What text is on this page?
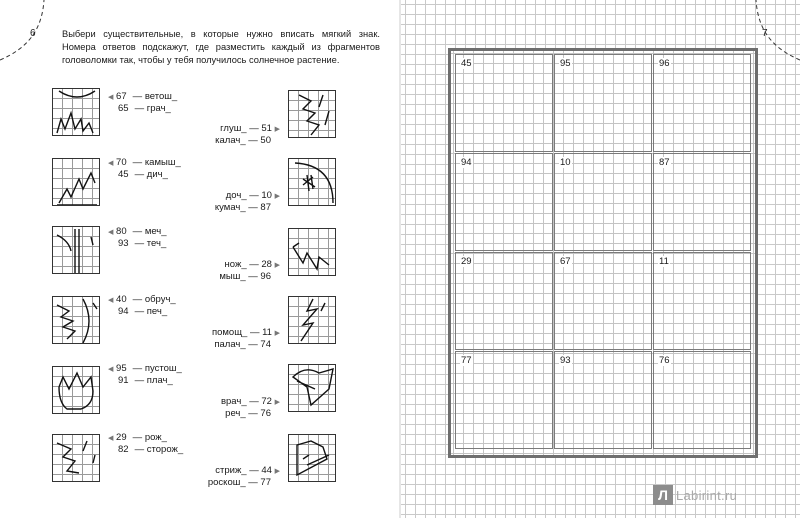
6	Выбери существительные, в которые нужно вписать мягкий знак. Номера ответов подскажут, где разместить каждый из фрагментов головоломки так, чтобы у тебя получилось солнечное растение.
◀ 67 — ветош_
65 — грач_
глуш_ — 51 ▶
калач_ — 50
◀ 70 — камыш_
45 — дич_
доч_ — 10 ▶
кумач_ — 87
◀ 80 — меч_
93 — теч_
нож_ — 28 ▶
мыш_ — 96
◀ 40 — обруч_
94 — печ_
помощ_ — 11 ▶
палач_ — 74
◀ 95 — пустош_
91 — плач_
врач_ — 72 ▶
реч_ — 76
◀ 29 — рож_
82 — сторож_
стриж_ — 44 ▶
роскош_ — 77
7
45	95	96
94	10	87
29	67	11
77	93	76
Л Labirint.ru
